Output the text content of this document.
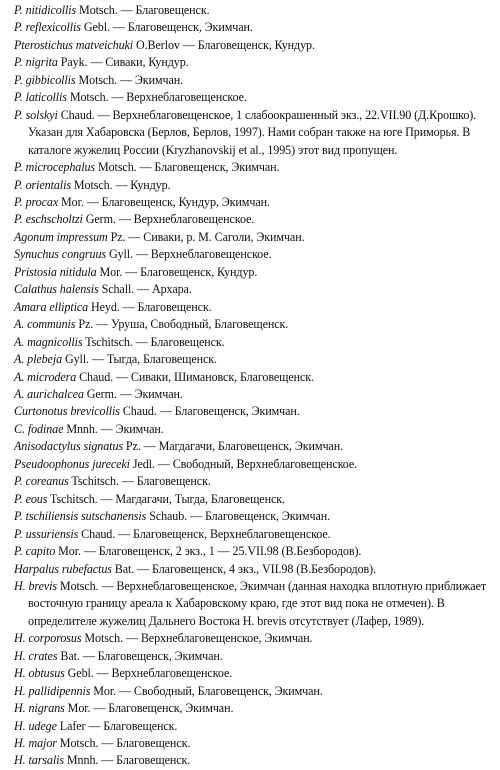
P. nitidicollis Motsch. — Благовещенск.

P. reflexicollis Gebl. — Благовещенск, Экимчан.

Pterostichus matveichuki O.Berlov — Благовещенск, Кундур.

P. nigrita Payk. — Сиваки, Кундур.

P. gibbicollis Motsch. — Экимчан.

P. laticollis Motsch. — Верхнеблаговещенское.

P. solskyi Chaud. — Верхнеблаговещенское, 1 слабоокрашенный экз., 22.VII.90 (Д.Крошко). Указан для Хабаровска (Берлов, Берлов, 1997). Нами собран также на юге Приморья. В каталоге жужелиц России (Kryzhanovskij et al., 1995) этот вид пропущен.

P. microcephalus Motsch. — Благовещенск, Экимчан.

P. orientalis Motsch. — Кундур.

P. procax Mor. — Благовещенск, Кундур, Экимчан.

P. eschscholtzi Germ. — Верхнеблаговещенское.

Agonum impressum Pz. — Сиваки, р. М. Саголи, Экимчан.

Synuchus congruus Gyll. — Верхнеблаговещенское.

Pristosia nitidula Mor. — Благовещенск, Кундур.

Calathus halensis Schall. — Архара.

Amara elliptica Heyd. — Благовещенск.

A. communis Pz. — Уруша, Свободный, Благовещенск.

A. magnicollis Tschitsch. — Благовещенск.

A. plebeja Gyll. — Тыгда, Благовещенск.

A. microdera Chaud. — Сиваки, Шимановск, Благовещенск.

A. aurichalcea Germ. — Экимчан.

Curtonotus brevicollis Chaud. — Благовещенск, Экимчан.

C. fodinae Mnnh. — Экимчан.

Anisodactylus signatus Pz. — Магдагачи, Благовещенск, Экимчан.

Pseudoophonus jureceki Jedl. — Свободный, Верхнеблаговещенское.

P. coreanus Tschitsch. — Благовещенск.

P. eous Tschitsch. — Магдагачи, Тыгда, Благовещенск.

P. tschiliensis sutschanensis Schaub. — Благовещенск, Экимчан.

P. ussuriensis Chaud. — Благовещенск, Верхнеблаговещенское.

P. capito Mor. — Благовещенск, 2 экз., 1 — 25.VII.98 (В.Безбородов).

Harpalus rubefactus Bat. — Благовещенск, 4 экз., VII.98 (В.Безбородов).

H. brevis Motsch. — Верхнеблаговещенское, Экимчан (данная находка вплотную приближает восточную границу ареала к Хабаровскому краю, где этот вид пока не отмечен). В определителе жужелиц Дальнего Востока H. brevis отсутствует (Лафер, 1989).

H. corporosus Motsch. — Верхнеблаговещенское, Экимчан.

H. crates Bat. — Благовещенск, Экимчан.

H. obtusus Gebl. — Верхнеблаговещенское.

H. pallidipennis Mor. — Свободный, Благовещенск, Экимчан.

H. nigrans Mor. — Благовещенск, Экимчан.

H. udege Lafer — Благовещенск.

H. major Motsch. — Благовещенск.

H. tarsalis Mnnh. — Благовещенск.
